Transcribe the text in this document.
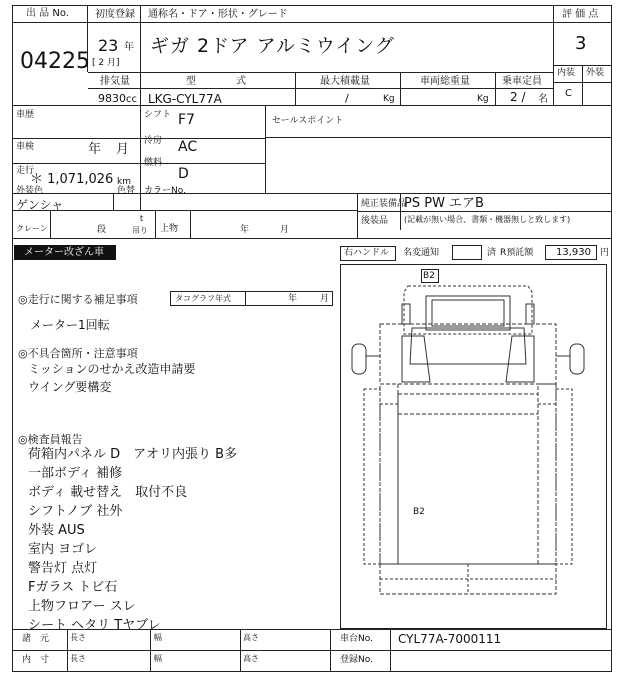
出 品 No.
04225
初度登録
23 年
[ 2 月]
通称名・ドア・形状・グレード
ギガ 2ドア アルミウイング
評 価 点
3
内装 外装
C
排気量
9830 cc
型　　　　式
LKG-CYL77A
最大積載量
/	Kg
車両総重量
Kg
乗車定員
2 / 名
車歴
車検	年 月
走行
＊ 1,071,026 km
シフト F7
冷房 AC
燃料
D
セールスポイント
外装色
ゲンシャ
色替 カラーNo.
純正装備品
PS PW エアB
後装品 (記載が無い場合、書類・機器無しと致します)
クレーン	段
t
吊り 上物	年	月
メーター改ざん車	右ハンドル 名変通知	済 R預託額 13,930 円
◎走行に関する補足事項	タコグラフ年式	年	月
メーター1回転
◎不具合箇所・注意事項
ミッションのせかえ改造申請要
ウイング要構変
◎検査員報告
荷箱内パネル D　アオリ内張り B多
一部ボディ 補修
ボディ 載せ替え　取付不良
シフトノブ 社外
外装 AUS
室内 ヨゴレ
警告灯 点灯
Fガラス トビ石
上物フロアー スレ
シート ヘタリ Tヤブレ
B2
B2
諸　元
内　寸
長さ	幅	高さ
長さ	幅	高さ
車台No. CYL77A-7000111
登録No.
